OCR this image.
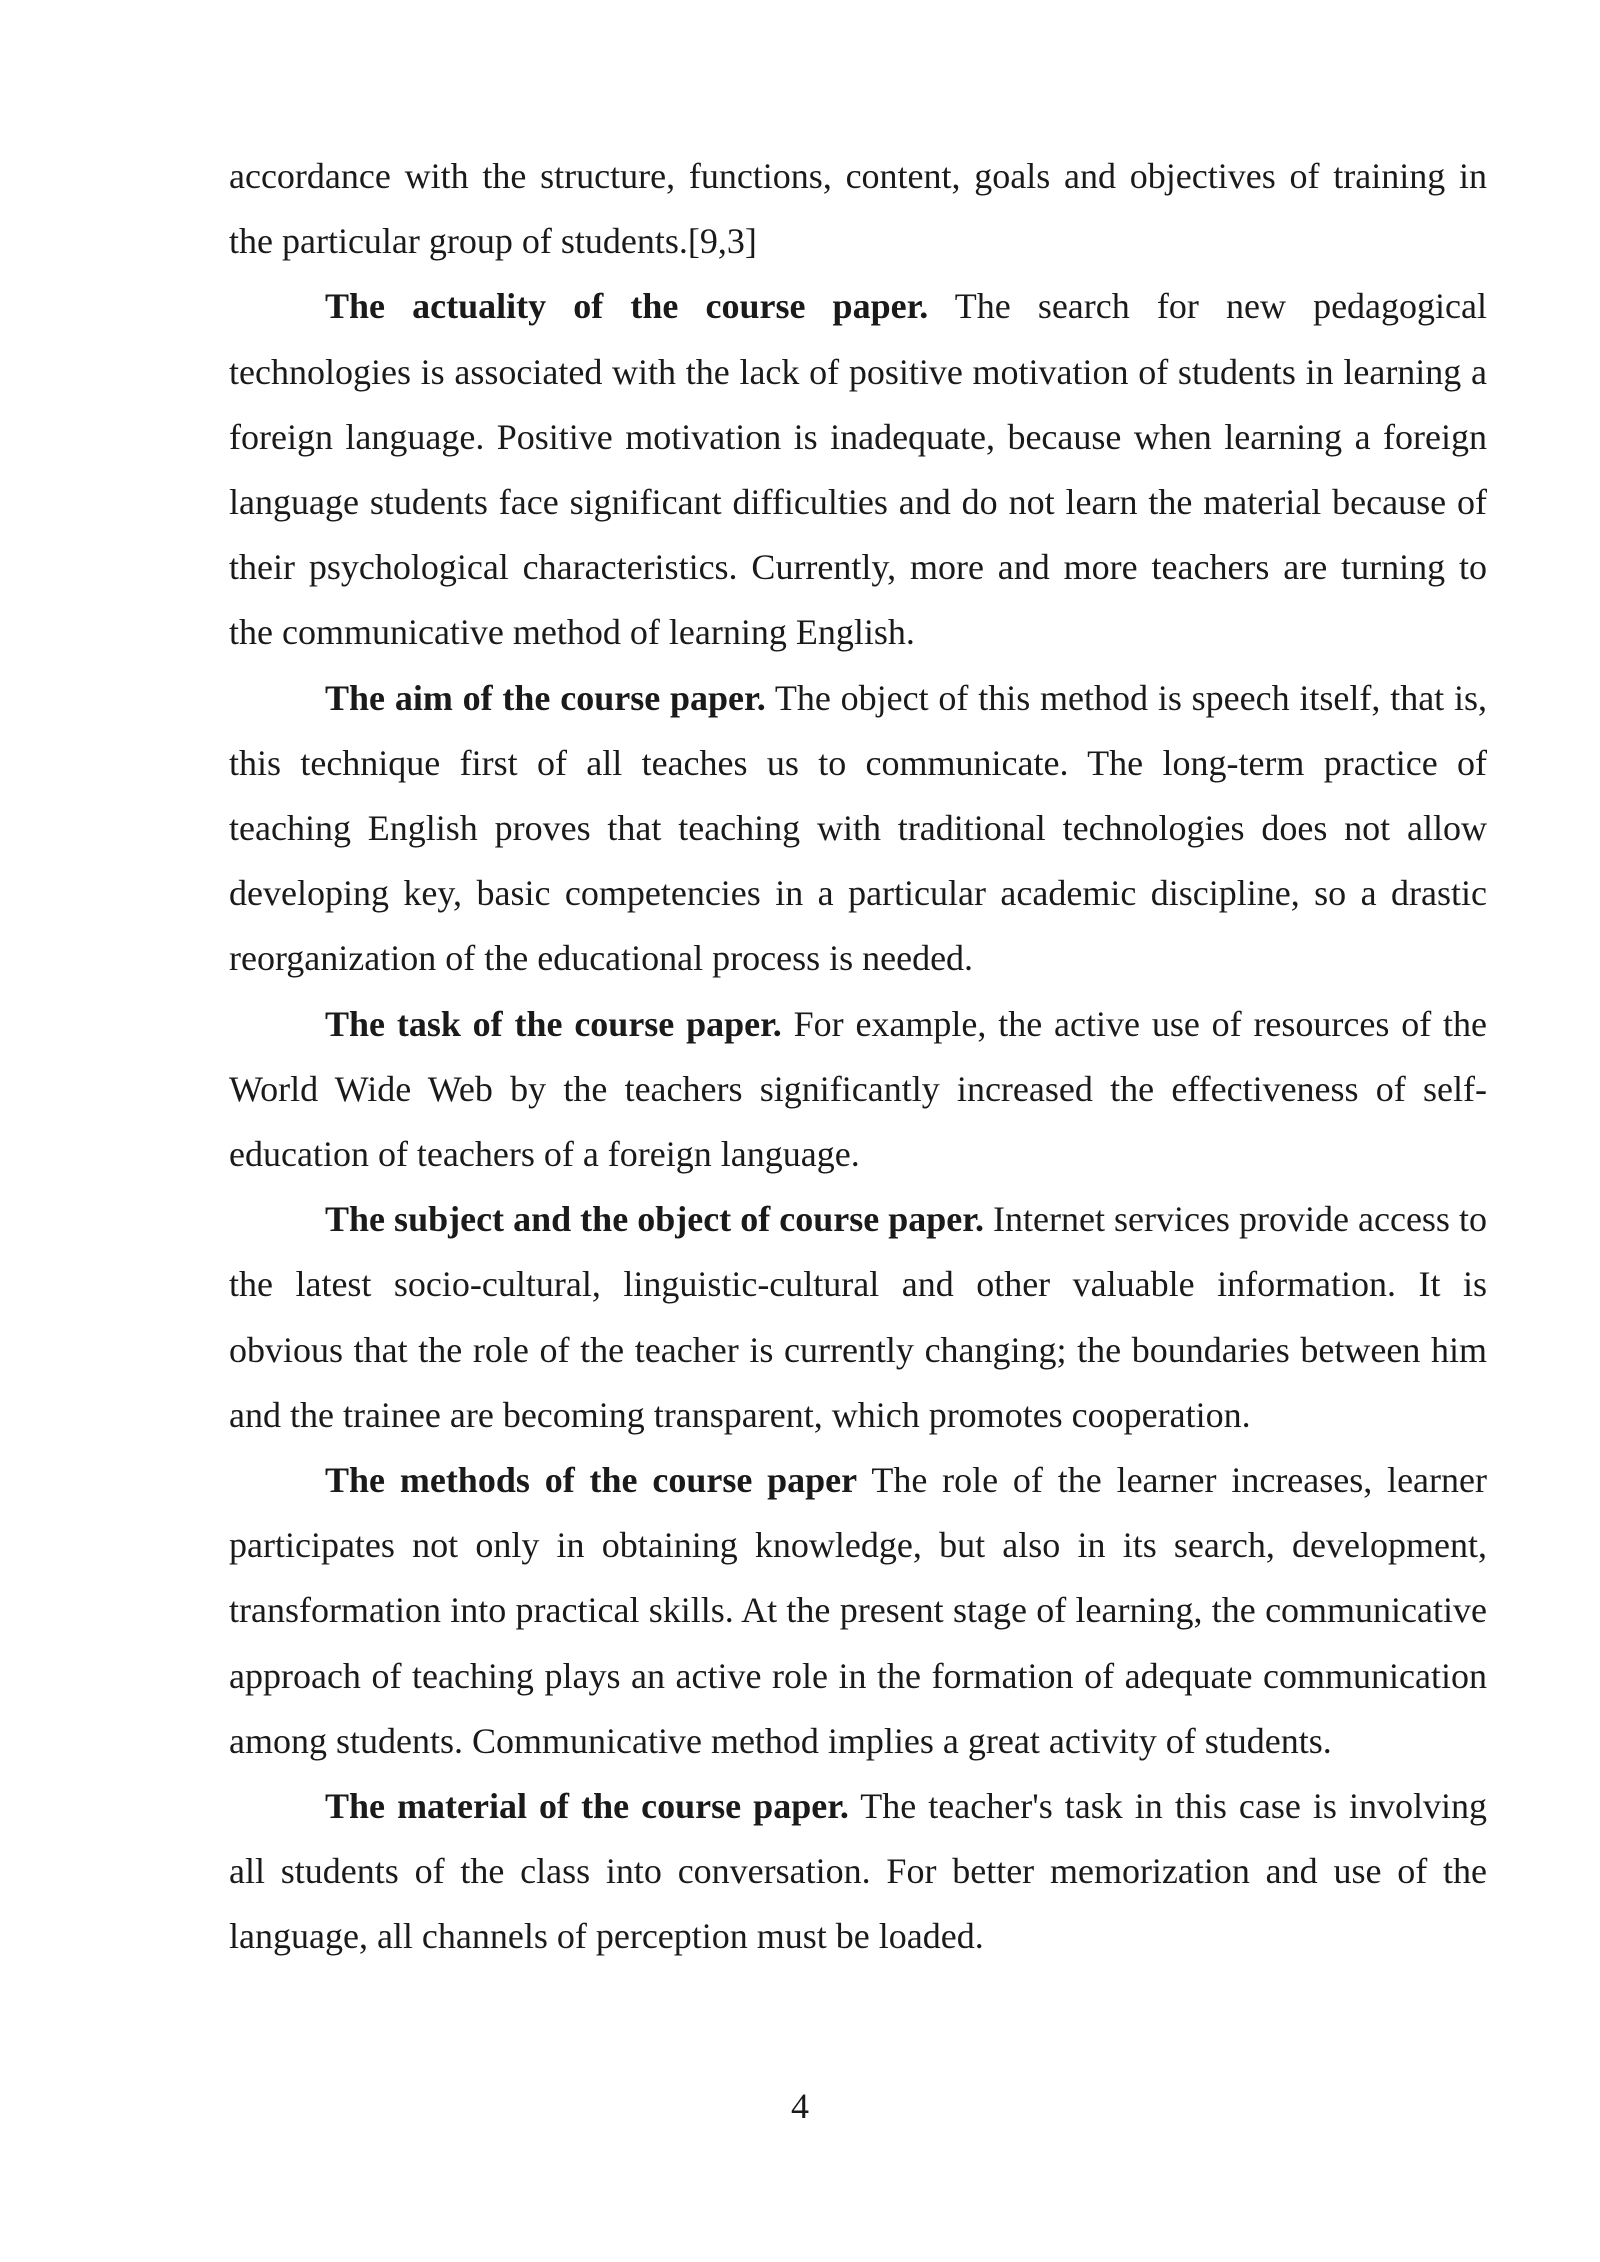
accordance with the structure, functions, content, goals and objectives of training in the particular group of students.[9,3]

The actuality of the course paper. The search for new pedagogical technologies is associated with the lack of positive motivation of students in learning a foreign language. Positive motivation is inadequate, because when learning a foreign language students face significant difficulties and do not learn the material because of their psychological characteristics. Currently, more and more teachers are turning to the communicative method of learning English.

The aim of the course paper. The object of this method is speech itself, that is, this technique first of all teaches us to communicate. The long-term practice of teaching English proves that teaching with traditional technologies does not allow developing key, basic competencies in a particular academic discipline, so a drastic reorganization of the educational process is needed.

The task of the course paper. For example, the active use of resources of the World Wide Web by the teachers significantly increased the effectiveness of self-education of teachers of a foreign language.

The subject and the object of course paper. Internet services provide access to the latest socio-cultural, linguistic-cultural and other valuable information. It is obvious that the role of the teacher is currently changing; the boundaries between him and the trainee are becoming transparent, which promotes cooperation.

The methods of the course paper The role of the learner increases, learner participates not only in obtaining knowledge, but also in its search, development, transformation into practical skills. At the present stage of learning, the communicative approach of teaching plays an active role in the formation of adequate communication among students. Communicative method implies a great activity of students.

The material of the course paper. The teacher's task in this case is involving all students of the class into conversation. For better memorization and use of the language, all channels of perception must be loaded.

4
